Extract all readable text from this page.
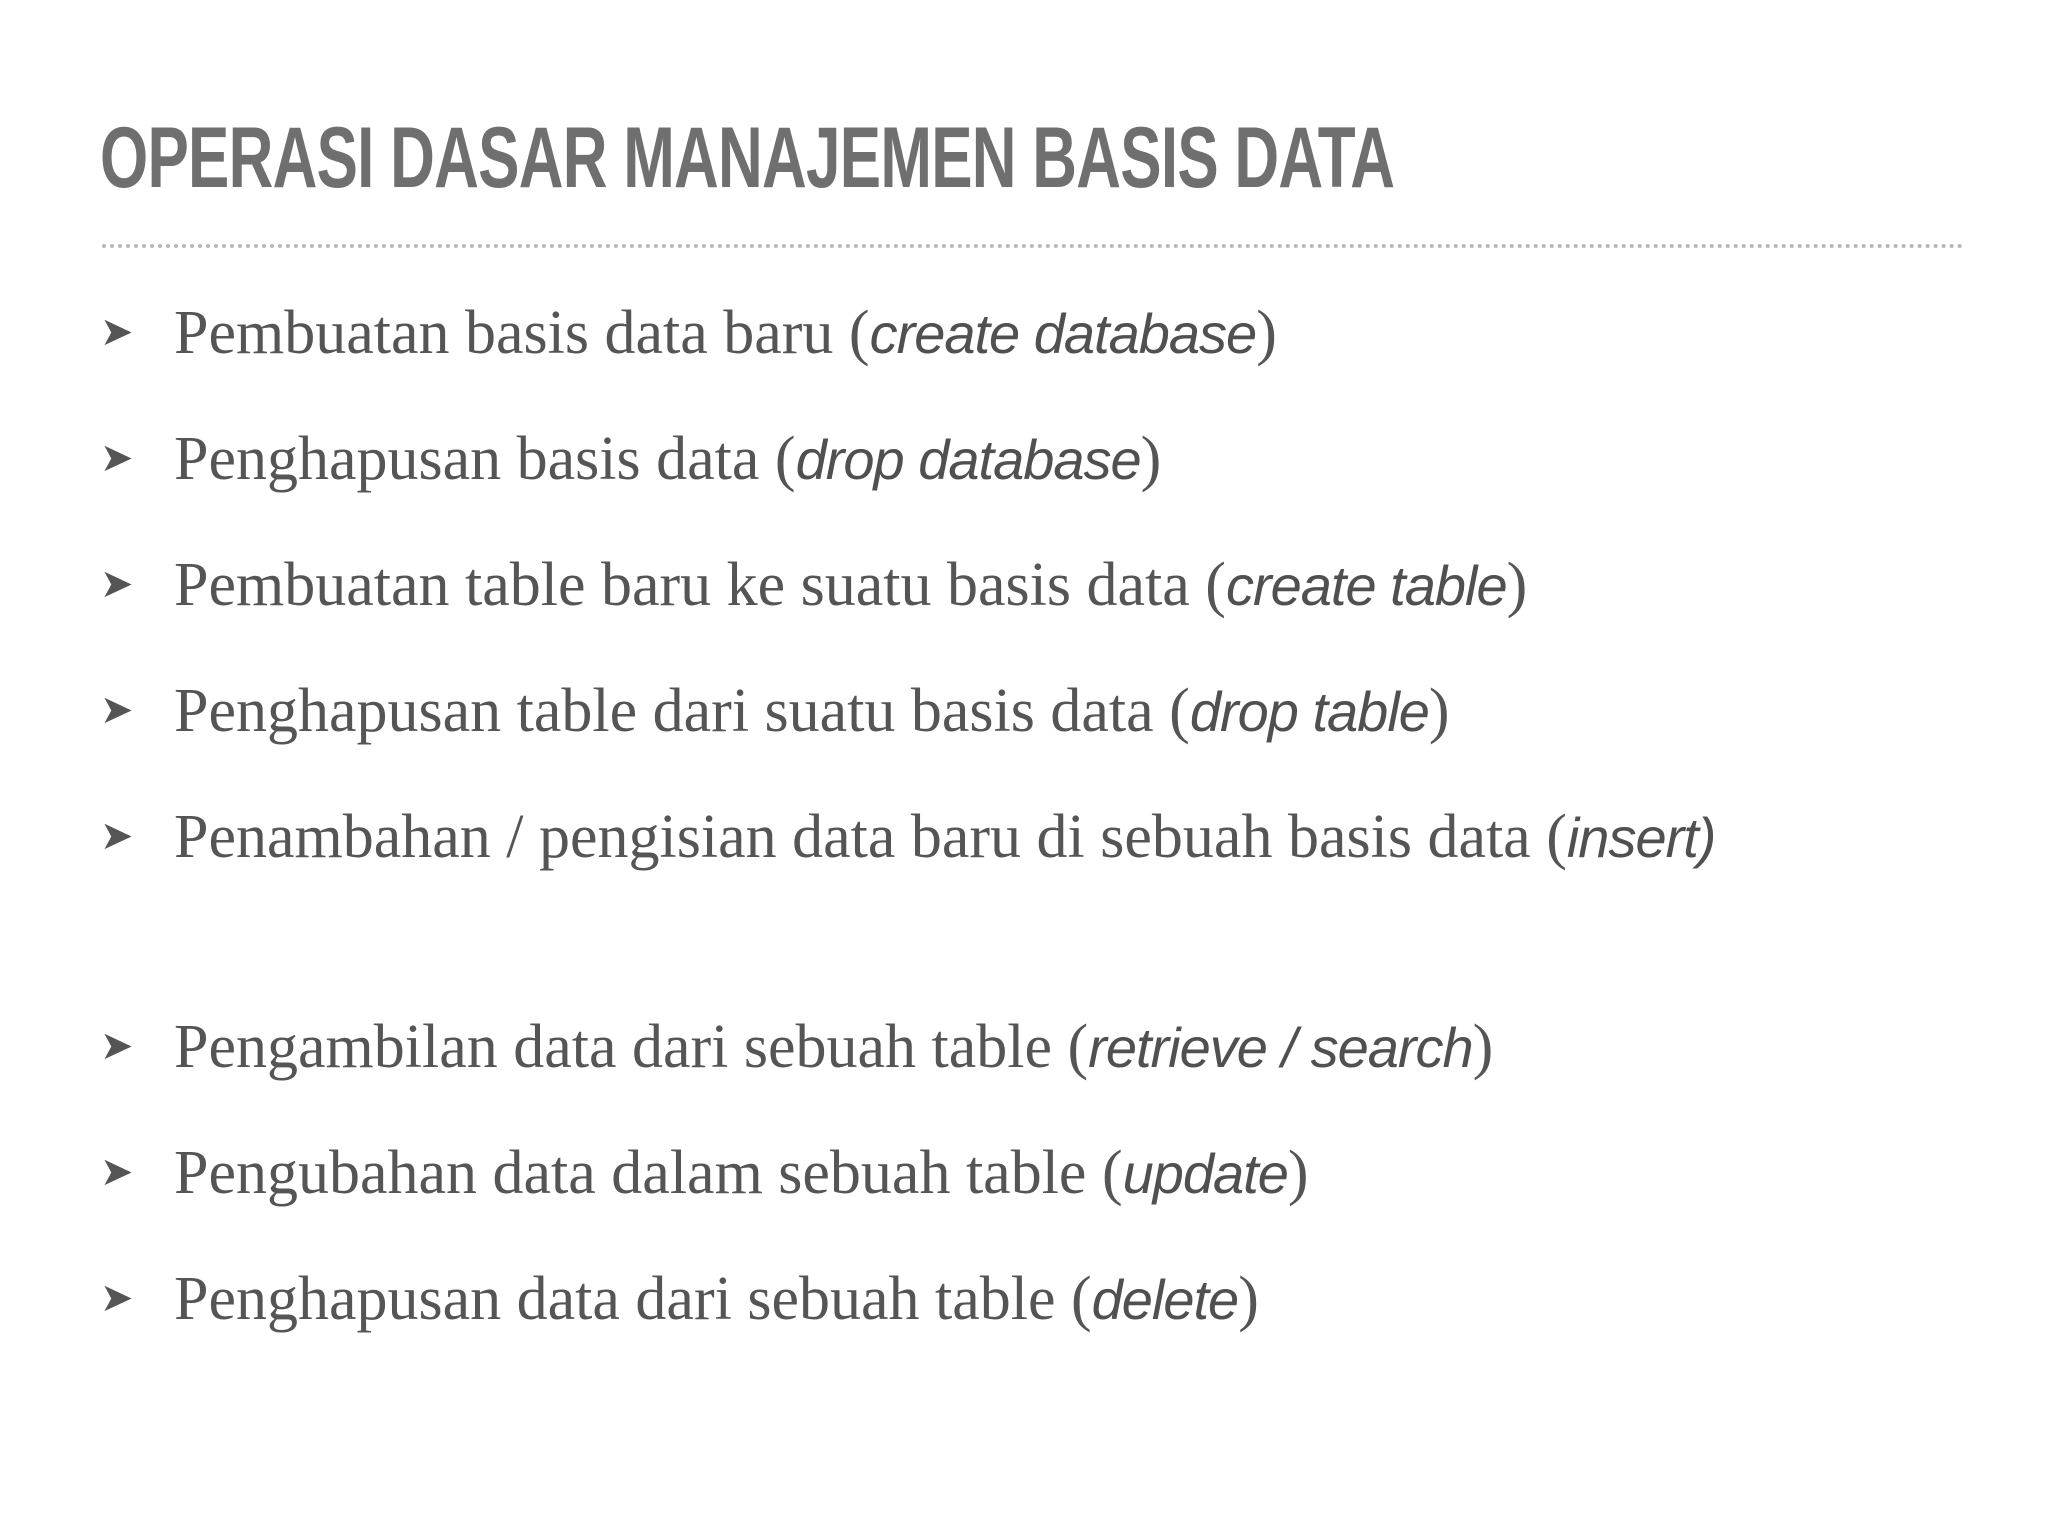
OPERASI DASAR MANAJEMEN BASIS DATA
➤ Pembuatan basis data baru (create database)
➤ Penghapusan basis data (drop database)
➤ Pembuatan table baru ke suatu basis data (create table)
➤ Penghapusan table dari suatu basis data (drop table)
➤ Penambahan / pengisian data baru di sebuah basis data (insert)
➤ Pengambilan data dari sebuah table (retrieve / search)
➤ Pengubahan data dalam sebuah table (update)
➤ Penghapusan data dari sebuah table (delete)
